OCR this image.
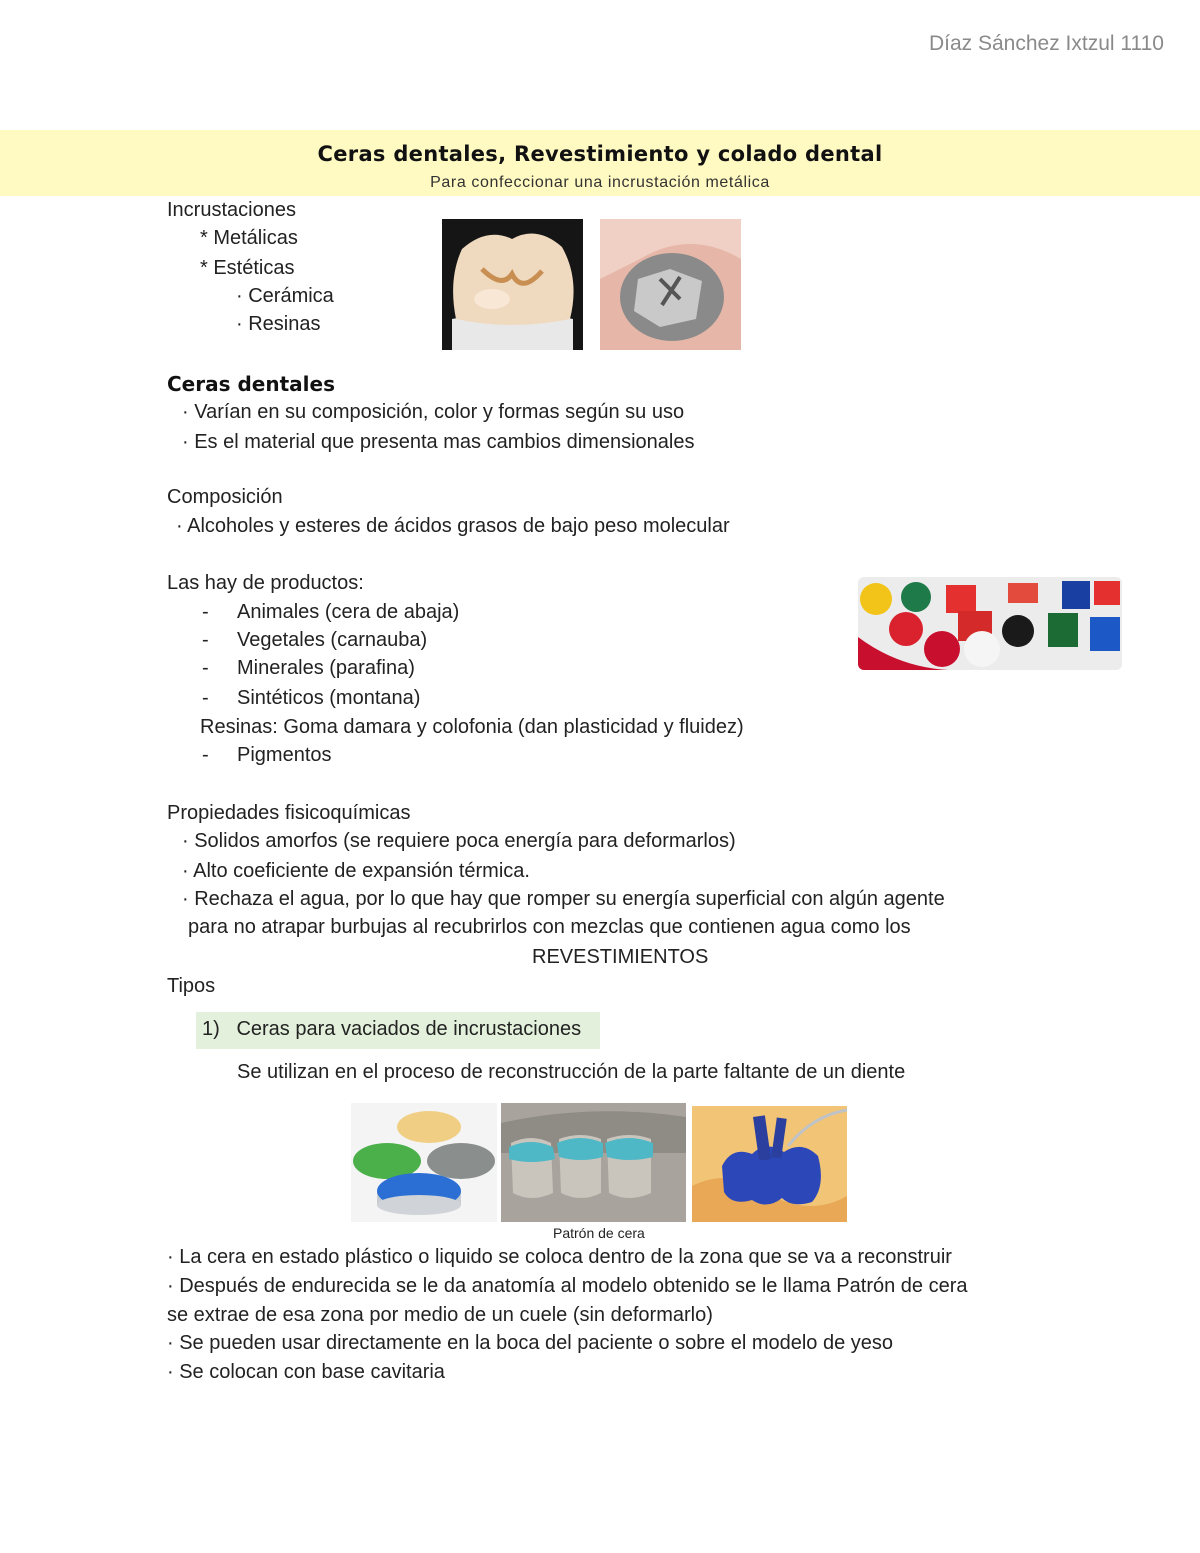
Díaz Sánchez Ixtzul 1110
Ceras dentales, Revestimiento y colado dental
Para confeccionar una incrustación metálica
Incrustaciones
* Metálicas
* Estéticas
· Cerámica
· Resinas
Ceras dentales
· Varían en su composición, color y formas según su uso
· Es el material que presenta mas cambios dimensionales
Composición
· Alcoholes y esteres de ácidos grasos de bajo peso molecular
Las hay de productos:
- Animales (cera de abaja)
- Vegetales (carnauba)
- Minerales (parafina)
- Sintéticos (montana)
Resinas: Goma damara y colofonia (dan plasticidad y fluidez)
- Pigmentos
Propiedades fisicoquímicas
· Solidos amorfos (se requiere poca energía para deformarlos)
· Alto coeficiente de expansión térmica.
· Rechaza el agua, por lo que hay que romper su energía superficial con algún agente
para no atrapar burbujas al recubrirlos con mezclas que contienen agua como los
REVESTIMIENTOS
Tipos
1)   Ceras para vaciados de incrustaciones
Se utilizan en el proceso de reconstrucción de la parte faltante de un diente
Patrón de cera
· La cera en estado plástico o liquido se coloca dentro de la zona que se va a reconstruir
· Después de endurecida se le da anatomía al modelo obtenido se le llama Patrón de cera
se extrae de esa zona por medio de un cuele (sin deformarlo)
· Se pueden usar directamente en la boca del paciente o sobre el modelo de yeso
· Se colocan con base cavitaria
